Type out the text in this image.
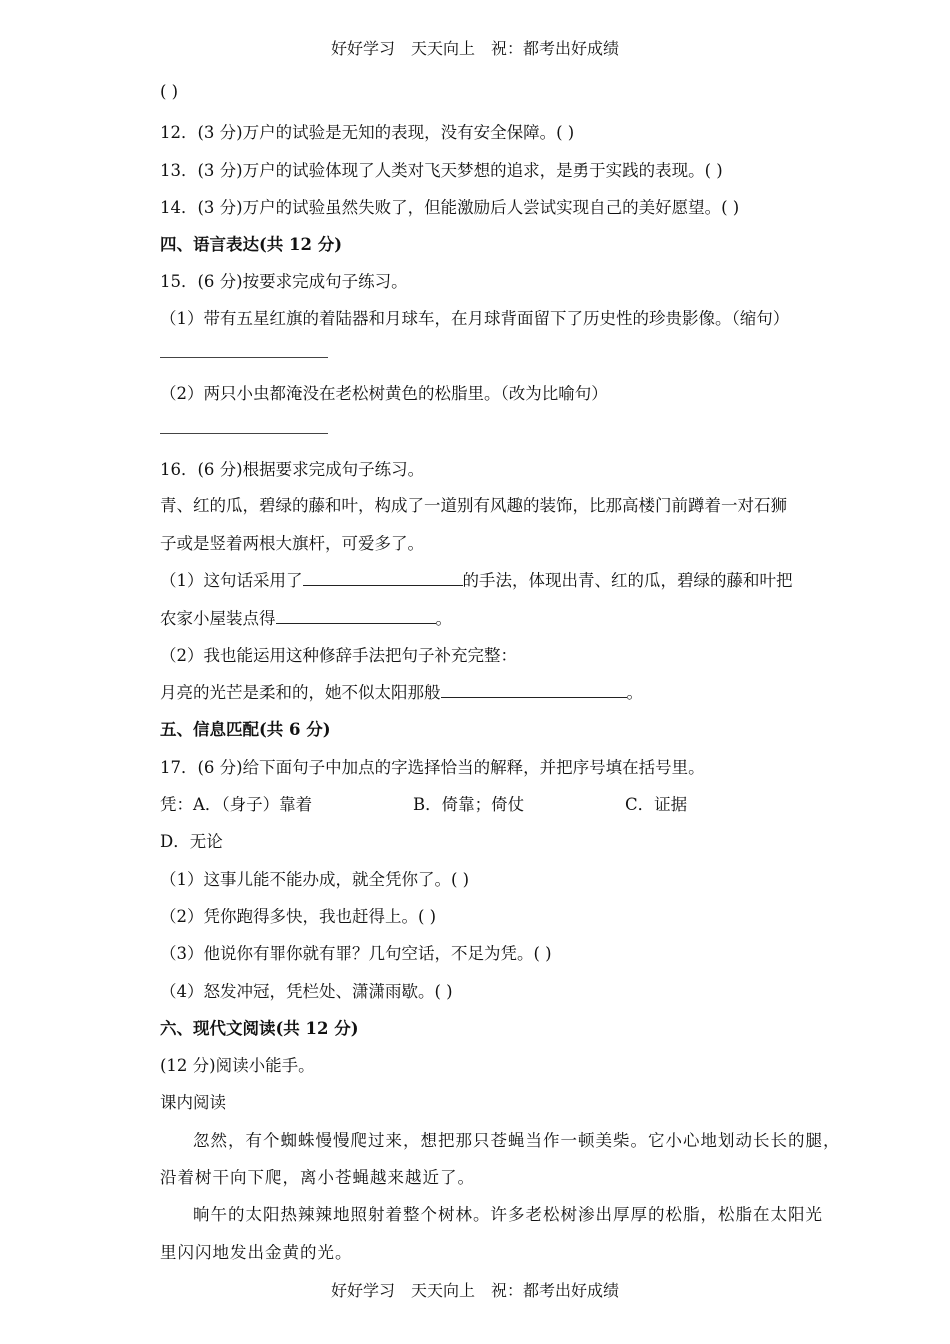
好好学习　天天向上　祝：都考出好成绩
( )
12．(3 分)万户的试验是无知的表现，没有安全保障。( )
13．(3 分)万户的试验体现了人类对飞天梦想的追求，是勇于实践的表现。( )
14．(3 分)万户的试验虽然失败了，但能激励后人尝试实现自己的美好愿望。( )
四、语言表达(共 12 分)
15．(6 分)按要求完成句子练习。
（1）带有五星红旗的着陆器和月球车，在月球背面留下了历史性的珍贵影像。（缩句）
（2）两只小虫都淹没在老松树黄色的松脂里。（改为比喻句）
16．(6 分)根据要求完成句子练习。
青、红的瓜，碧绿的藤和叶，构成了一道别有风趣的装饰，比那高楼门前蹲着一对石狮
子或是竖着两根大旗杆，可爱多了。
（1）这句话采用了	的手法，体现出青、红的瓜，碧绿的藤和叶把
农家小屋装点得	。
（2）我也能运用这种修辞手法把句子补充完整：
月亮的光芒是柔和的，她不似太阳那般	。
五、信息匹配(共 6 分)
17．(6 分)给下面句子中加点的字选择恰当的解释，并把序号填在括号里。
凭：A．（身子）靠着	B．倚靠；倚仗	C．证据
D．无论
（1）这事儿能不能办成，就全凭你了。( )
（2）凭你跑得多快，我也赶得上。( )
（3）他说你有罪你就有罪？几句空话，不足为凭。( )
（4）怒发冲冠，凭栏处、潇潇雨歇。( )
六、现代文阅读(共 12 分)
(12 分)阅读小能手。
课内阅读
忽然，有个蜘蛛慢慢爬过来，想把那只苍蝇当作一顿美柴。它小心地划动长长的腿，
沿着树干向下爬，离小苍蝇越来越近了。
晌午的太阳热辣辣地照射着整个树林。许多老松树渗出厚厚的松脂，松脂在太阳光
里闪闪地发出金黄的光。
好好学习　天天向上　祝：都考出好成绩
